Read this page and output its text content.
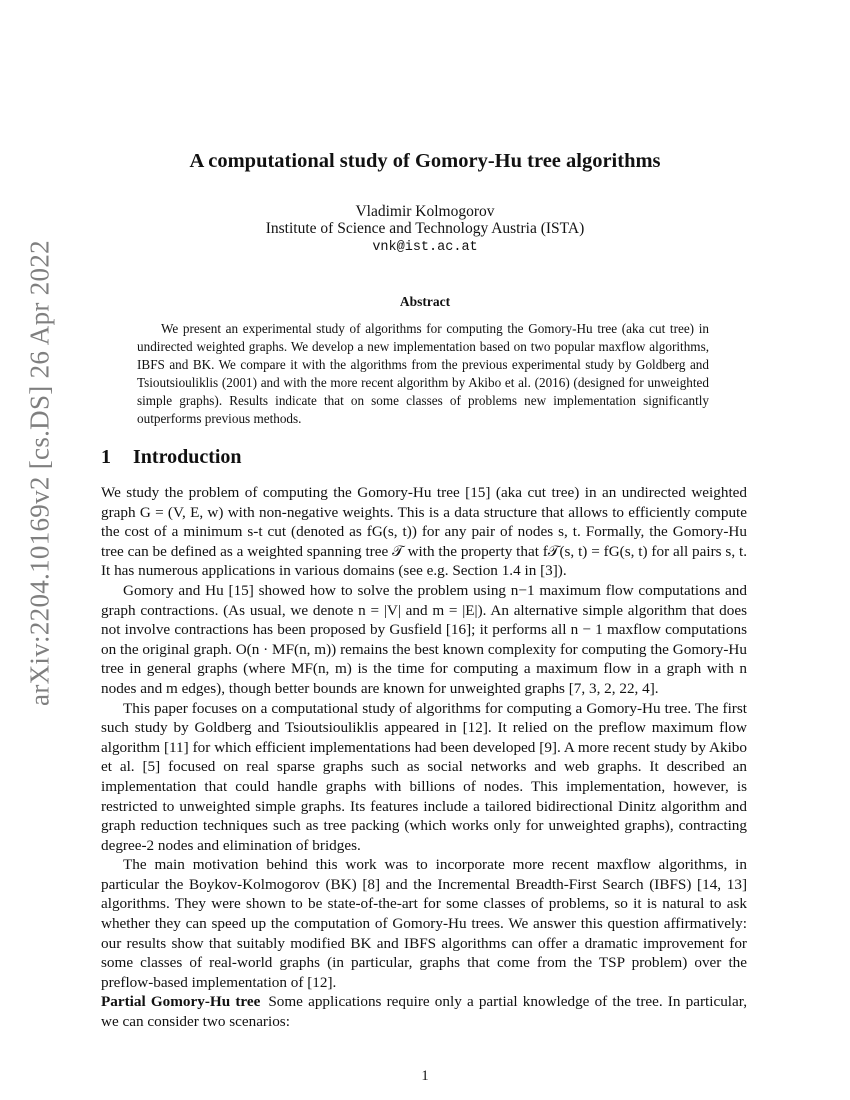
arXiv:2204.10169v2 [cs.DS] 26 Apr 2022
A computational study of Gomory-Hu tree algorithms
Vladimir Kolmogorov
Institute of Science and Technology Austria (ISTA)
vnk@ist.ac.at
Abstract

We present an experimental study of algorithms for computing the Gomory-Hu tree (aka cut tree) in undirected weighted graphs. We develop a new implementation based on two popular maxflow algorithms, IBFS and BK. We compare it with the algorithms from the previous experimental study by Goldberg and Tsioutsiouliklis (2001) and with the more recent algorithm by Akibo et al. (2016) (designed for unweighted simple graphs). Results indicate that on some classes of problems new implementation significantly outperforms previous methods.

1 Introduction

We study the problem of computing the Gomory-Hu tree [15] (aka cut tree) in an undirected weighted graph G = (V, E, w) with non-negative weights. This is a data structure that allows to efficiently compute the cost of a minimum s-t cut (denoted as fG(s, t)) for any pair of nodes s, t. Formally, the Gomory-Hu tree can be defined as a weighted spanning tree 𝒯 with the property that f𝒯(s, t) = fG(s, t) for all pairs s, t. It has numerous applications in various domains (see e.g. Section 1.4 in [3]).

Gomory and Hu [15] showed how to solve the problem using n−1 maximum flow computations and graph contractions. (As usual, we denote n = |V| and m = |E|). An alternative simple algorithm that does not involve contractions has been proposed by Gusfield [16]; it performs all n − 1 maxflow computations on the original graph. O(n · MF(n, m)) remains the best known complexity for computing the Gomory-Hu tree in general graphs (where MF(n, m) is the time for computing a maximum flow in a graph with n nodes and m edges), though better bounds are known for unweighted graphs [7, 3, 2, 22, 4].

This paper focuses on a computational study of algorithms for computing a Gomory-Hu tree. The first such study by Goldberg and Tsioutsiouliklis appeared in [12]. It relied on the preflow maximum flow algorithm [11] for which efficient implementations had been developed [9]. A more recent study by Akibo et al. [5] focused on real sparse graphs such as social networks and web graphs. It described an implementation that could handle graphs with billions of nodes. This implementation, however, is restricted to unweighted simple graphs. Its features include a tailored bidirectional Dinitz algorithm and graph reduction techniques such as tree packing (which works only for unweighted graphs), contracting degree-2 nodes and elimination of bridges.

The main motivation behind this work was to incorporate more recent maxflow algorithms, in particular the Boykov-Kolmogorov (BK) [8] and the Incremental Breadth-First Search (IBFS) [14, 13] algorithms. They were shown to be state-of-the-art for some classes of problems, so it is natural to ask whether they can speed up the computation of Gomory-Hu trees. We answer this question affirmatively: our results show that suitably modified BK and IBFS algorithms can offer a dramatic improvement for some classes of real-world graphs (in particular, graphs that come from the TSP problem) over the preflow-based implementation of [12].

Partial Gomory-Hu tree Some applications require only a partial knowledge of the tree. In particular, we can consider two scenarios:

1
